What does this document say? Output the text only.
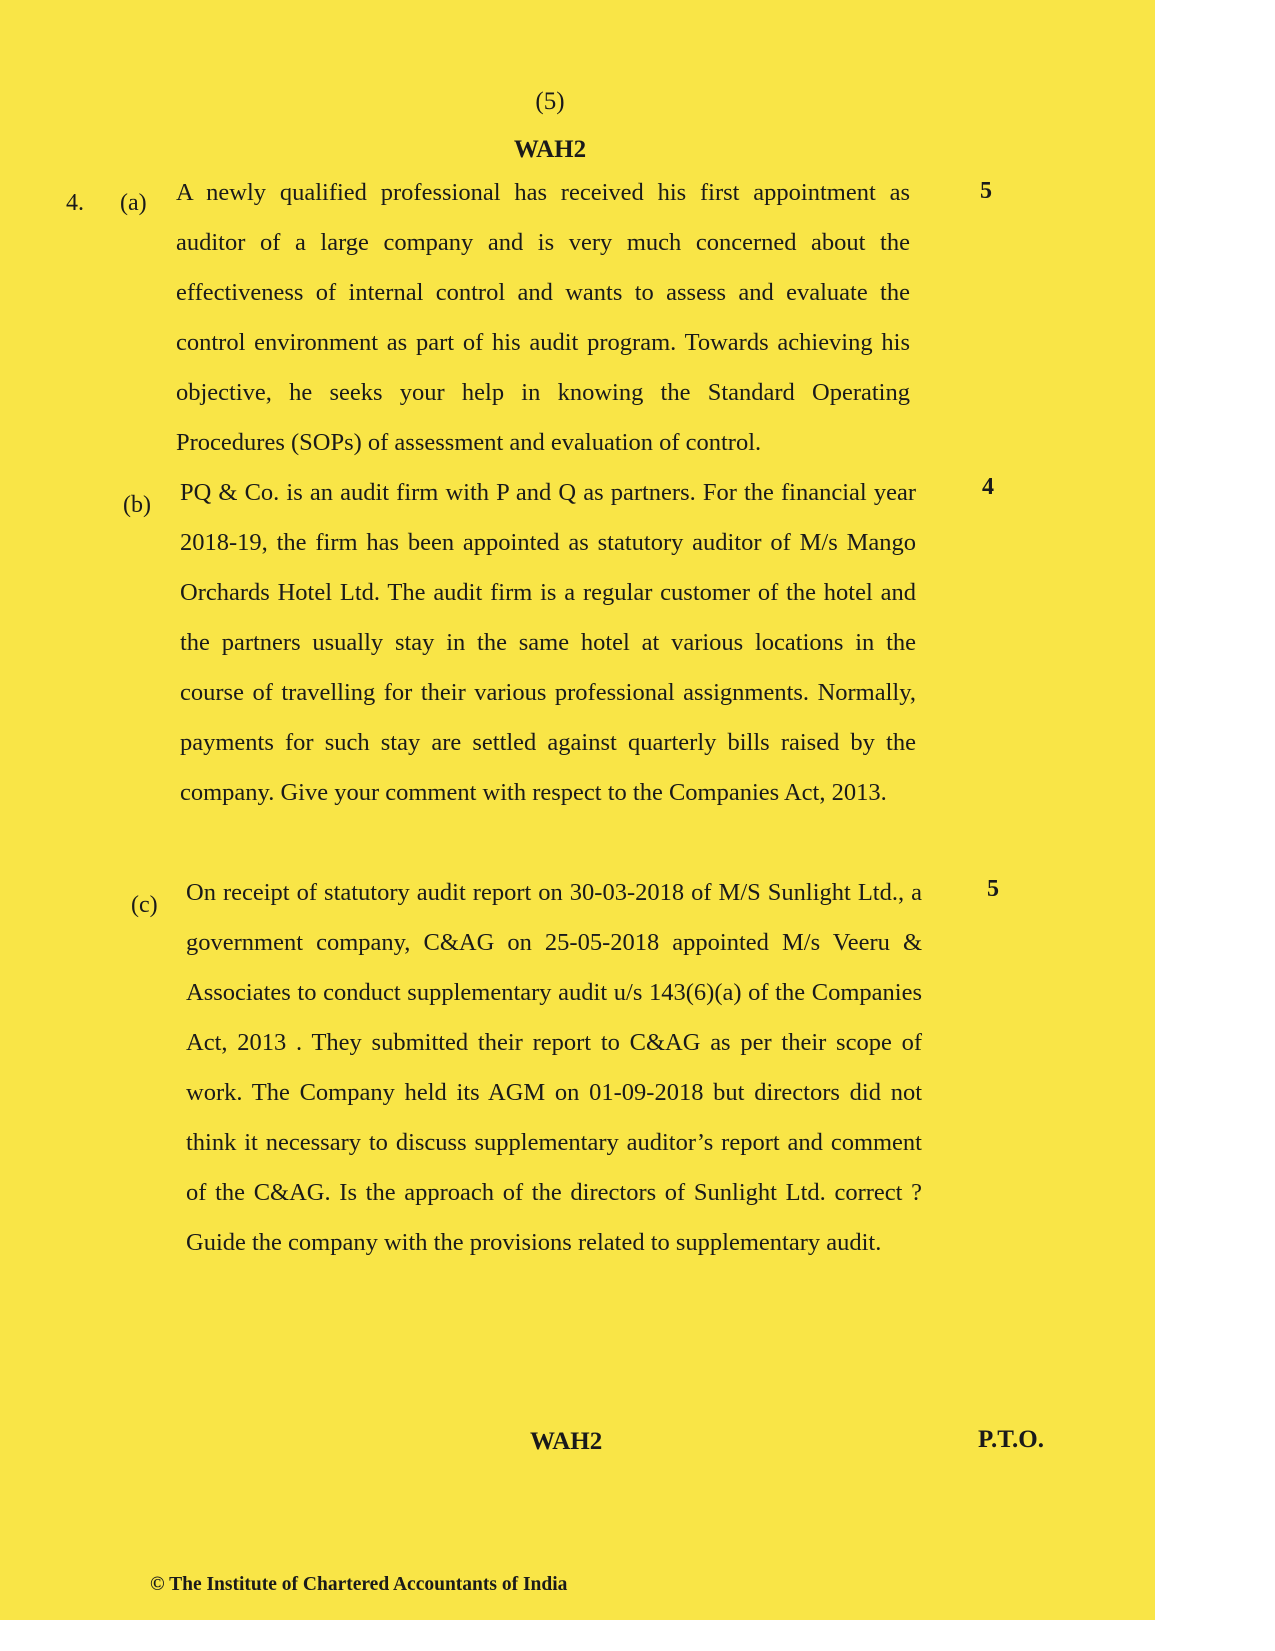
(5)
WAH2
4. (a) A newly qualified professional has received his first appointment as auditor of a large company and is very much concerned about the effectiveness of internal control and wants to assess and evaluate the control environment as part of his audit program. Towards achieving his objective, he seeks your help in knowing the Standard Operating Procedures (SOPs) of assessment and evaluation of control.

5
(b) PQ & Co. is an audit firm with P and Q as partners. For the financial year 2018-19, the firm has been appointed as statutory auditor of M/s Mango Orchards Hotel Ltd. The audit firm is a regular customer of the hotel and the partners usually stay in the same hotel at various locations in the course of travelling for their various professional assignments. Normally, payments for such stay are settled against quarterly bills raised by the company. Give your comment with respect to the Companies Act, 2013.

4
(c) On receipt of statutory audit report on 30-03-2018 of M/S Sunlight Ltd., a government company, C&AG on 25-05-2018 appointed M/s Veeru & Associates to conduct supplementary audit u/s 143(6)(a) of the Companies Act, 2013 . They submitted their report to C&AG as per their scope of work. The Company held its AGM on 01-09-2018 but directors did not think it necessary to discuss supplementary auditor’s report and comment of the C&AG. Is the approach of the directors of Sunlight Ltd. correct ? Guide the company with the provisions related to supplementary audit.

5
WAH2	P.T.O.
© The Institute of Chartered Accountants of India
